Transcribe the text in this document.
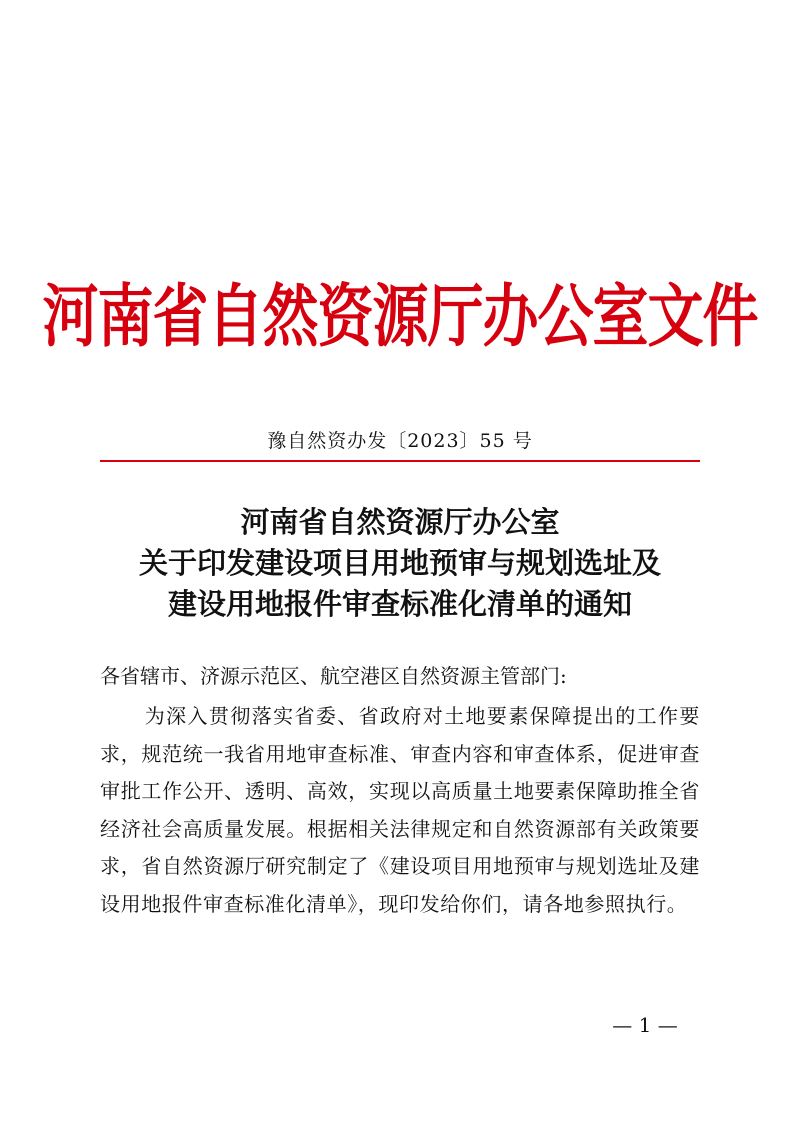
河南省自然资源厅办公室文件
豫自然资办发〔2023〕55 号
河南省自然资源厅办公室
关于印发建设项目用地预审与规划选址及
建设用地报件审查标准化清单的通知
各省辖市、济源示范区、航空港区自然资源主管部门:
为深入贯彻落实省委、省政府对土地要素保障提出的工作要求，规范统一我省用地审查标准、审查内容和审查体系，促进审查审批工作公开、透明、高效，实现以高质量土地要素保障助推全省经济社会高质量发展。根据相关法律规定和自然资源部有关政策要求，省自然资源厅研究制定了《建设项目用地预审与规划选址及建设用地报件审查标准化清单》，现印发给你们，请各地参照执行。
— 1 —
